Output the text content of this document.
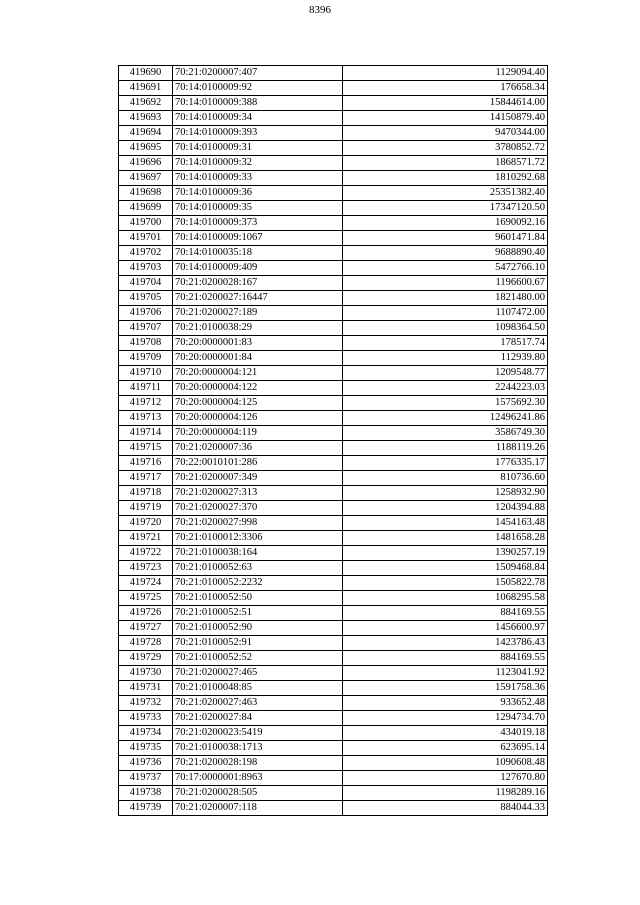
8396
419690	70:21:0200007:407	1129094.40
419691	70:14:0100009:92	176658.34
419692	70:14:0100009:388	15844614.00
419693	70:14:0100009:34	14150879.40
419694	70:14:0100009:393	9470344.00
419695	70:14:0100009:31	3780852.72
419696	70:14:0100009:32	1868571.72
419697	70:14:0100009:33	1810292.68
419698	70:14:0100009:36	25351382.40
419699	70:14:0100009:35	17347120.50
419700	70:14:0100009:373	1690092.16
419701	70:14:0100009:1067	9601471.84
419702	70:14:0100035:18	9688890.40
419703	70:14:0100009:409	5472766.10
419704	70:21:0200028:167	1196600.67
419705	70:21:0200027:16447	1821480.00
419706	70:21:0200027:189	1107472.00
419707	70:21:0100038:29	1098364.50
419708	70:20:0000001:83	178517.74
419709	70:20:0000001:84	112939.80
419710	70:20:0000004:121	1209548.77
419711	70:20:0000004:122	2244223.03
419712	70:20:0000004:125	1575692.30
419713	70:20:0000004:126	12496241.86
419714	70:20:0000004:119	3586749.30
419715	70:21:0200007:36	1188119.26
419716	70:22:0010101:286	1776335.17
419717	70:21:0200007:349	810736.60
419718	70:21:0200027:313	1258932.90
419719	70:21:0200027:370	1204394.88
419720	70:21:0200027:998	1454163.48
419721	70:21:0100012:3306	1481658.28
419722	70:21:0100038:164	1390257.19
419723	70:21:0100052:63	1509468.84
419724	70:21:0100052:2232	1505822.78
419725	70:21:0100052:50	1068295.58
419726	70:21:0100052:51	884169.55
419727	70:21:0100052:90	1456600.97
419728	70:21:0100052:91	1423786.43
419729	70:21:0100052:52	884169.55
419730	70:21:0200027:465	1123041.92
419731	70:21:0100048:85	1591758.36
419732	70:21:0200027:463	933652.48
419733	70:21:0200027:84	1294734.70
419734	70:21:0200023:5419	434019.18
419735	70:21:0100038:1713	623695.14
419736	70:21:0200028:198	1090608.48
419737	70:17:0000001:8963	127670.80
419738	70:21:0200028:505	1198289.16
419739	70:21:0200007:118	884044.33
